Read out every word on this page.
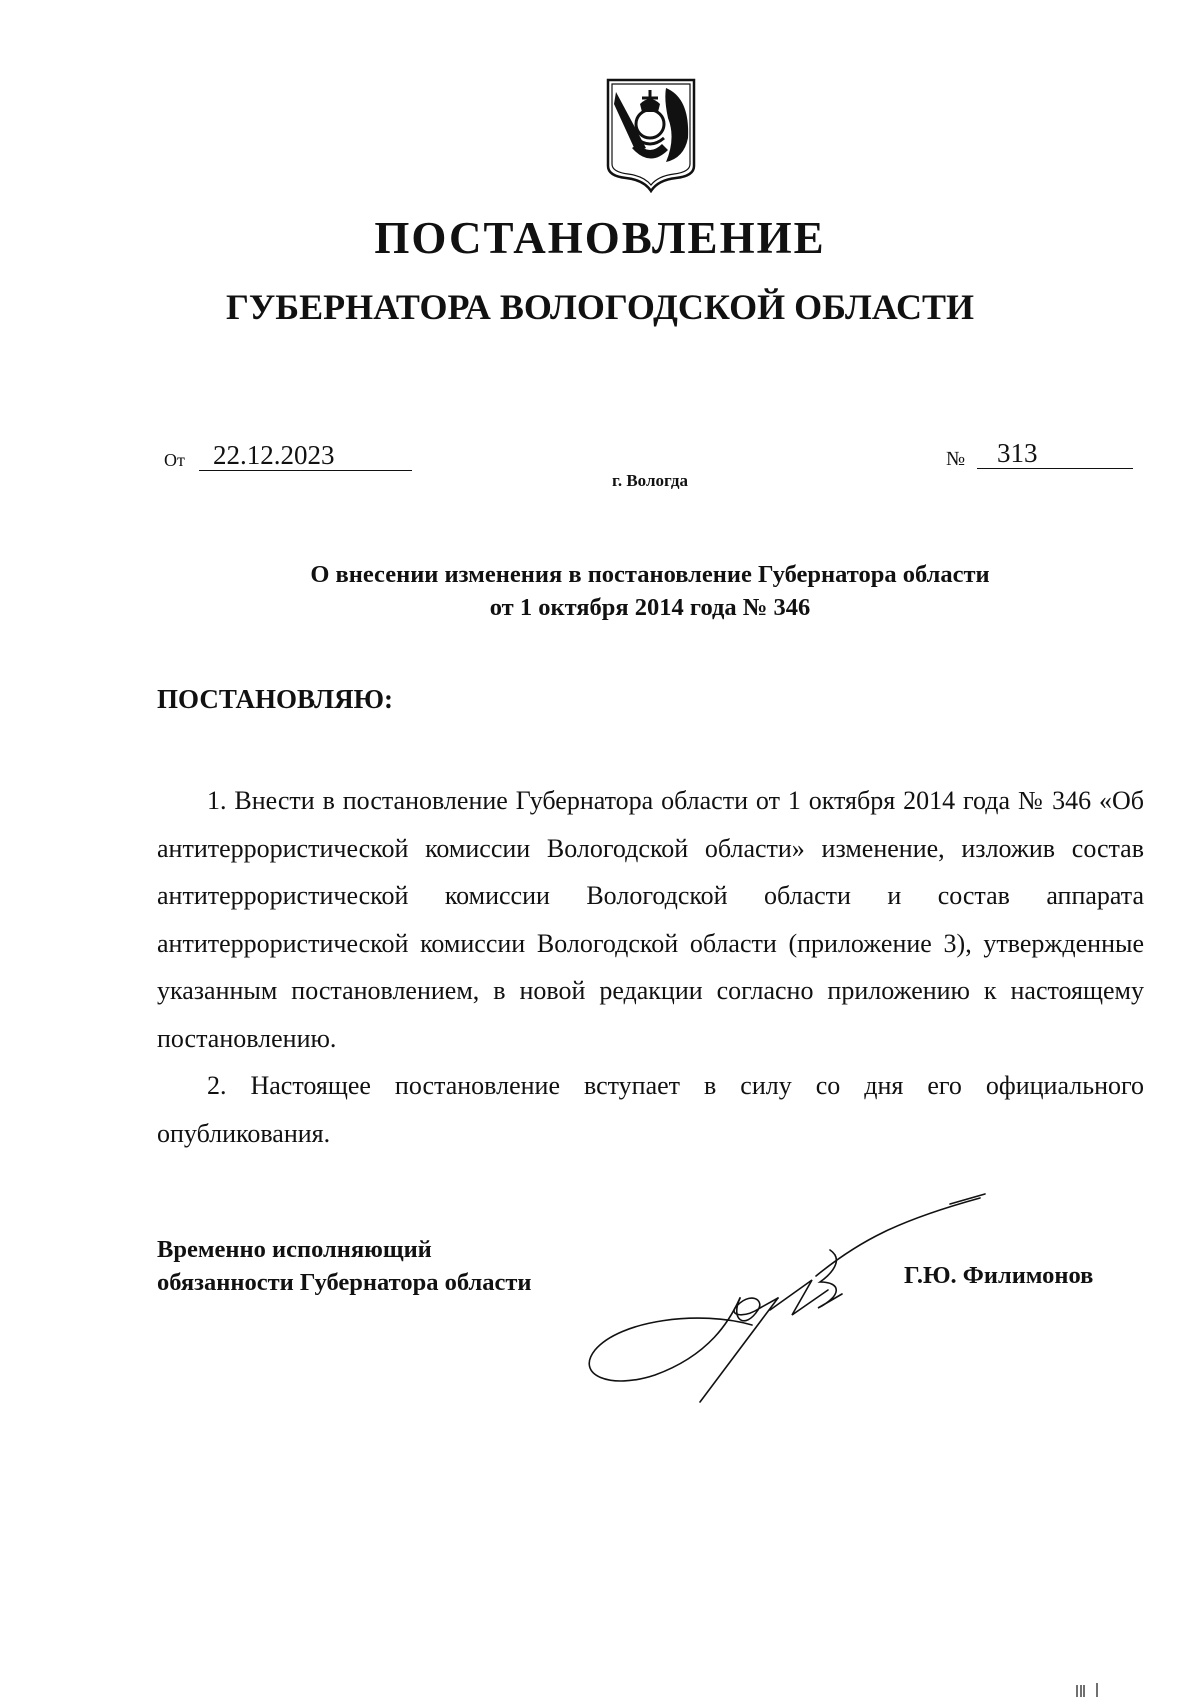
ПОСТАНОВЛЕНИЕ
ГУБЕРНАТОРА ВОЛОГОДСКОЙ ОБЛАСТИ
От	22.12.2023	№	313
г. Вологда
О внесении изменения в постановление Губернатора области
от 1 октября 2014 года № 346
ПОСТАНОВЛЯЮ:

1. Внести в постановление Губернатора области от 1 октября 2014 года № 346 «Об антитеррористической комиссии Вологодской области» изменение, изложив состав антитеррористической комиссии Вологодской области и состав аппарата антитеррористической комиссии Вологодской области (приложение 3), утвержденные указанным постановлением, в новой редакции согласно приложению к настоящему постановлению.

2. Настоящее постановление вступает в силу со дня его официального опубликования.

Временно исполняющий
обязанности Губернатора области	Г.Ю. Филимонов
